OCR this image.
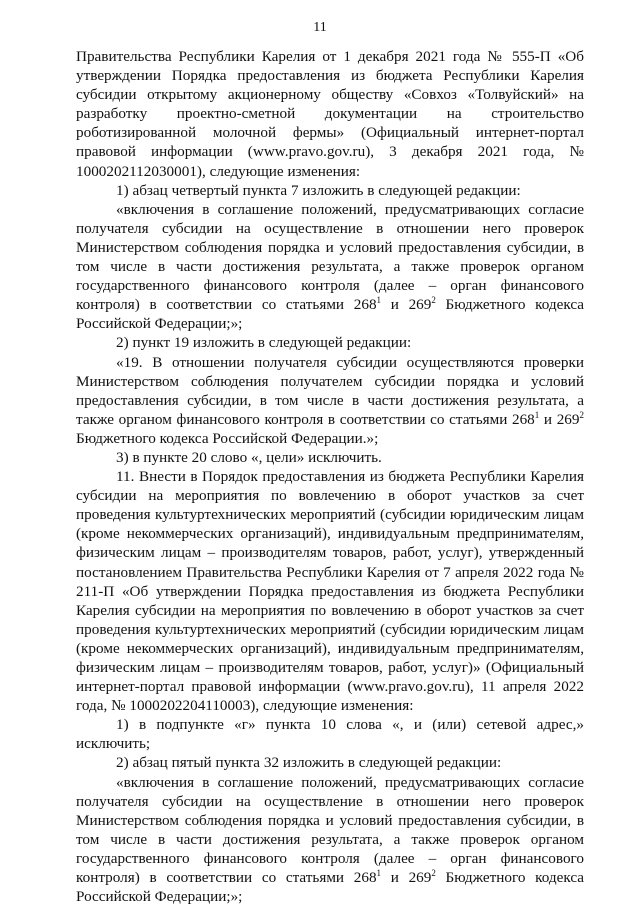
11

Правительства Республики Карелия от 1 декабря 2021 года № 555-П «Об утверждении Порядка предоставления из бюджета Республики Карелия субсидии открытому акционерному обществу «Совхоз «Толвуйский» на разработку проектно-сметной документации на строительство роботизированной молочной фермы» (Официальный интернет-портал правовой информации (www.pravo.gov.ru), 3 декабря 2021 года, № 1000202112030001), следующие изменения:

1) абзац четвертый пункта 7 изложить в следующей редакции:

«включения в соглашение положений, предусматривающих согласие получателя субсидии на осуществление в отношении него проверок Министерством соблюдения порядка и условий предоставления субсидии, в том числе в части достижения результата, а также проверок органом государственного финансового контроля (далее – орган финансового контроля) в соответствии со статьями $268^1$ и $269^2$ Бюджетного кодекса Российской Федерации;»;

2) пункт 19 изложить в следующей редакции:

«19. В отношении получателя субсидии осуществляются проверки Министерством соблюдения получателем субсидии порядка и условий предоставления субсидии, в том числе в части достижения результата, а также органом финансового контроля в соответствии со статьями $268^1$ и $269^2$ Бюджетного кодекса Российской Федерации.»;

3) в пункте 20 слово «, цели» исключить.

11. Внести в Порядок предоставления из бюджета Республики Карелия субсидии на мероприятия по вовлечению в оборот участков за счет проведения культуртехнических мероприятий (субсидии юридическим лицам (кроме некоммерческих организаций), индивидуальным предпринимателям, физическим лицам – производителям товаров, работ, услуг), утвержденный постановлением Правительства Республики Карелия от 7 апреля 2022 года № 211-П «Об утверждении Порядка предоставления из бюджета Республики Карелия субсидии на мероприятия по вовлечению в оборот участков за счет проведения культуртехнических мероприятий (субсидии юридическим лицам (кроме некоммерческих организаций), индивидуальным предпринимателям, физическим лицам – производителям товаров, работ, услуг)» (Официальный интернет-портал правовой информации (www.pravo.gov.ru), 11 апреля 2022 года, № 1000202204110003), следующие изменения:

1) в подпункте «г» пункта 10 слова «, и (или) сетевой адрес,» исключить;

2) абзац пятый пункта 32 изложить в следующей редакции:

«включения в соглашение положений, предусматривающих согласие получателя субсидии на осуществление в отношении него проверок Министерством соблюдения порядка и условий предоставления субсидии, в том числе в части достижения результата, а также проверок органом государственного финансового контроля (далее – орган финансового контроля) в соответствии со статьями $268^1$ и $269^2$ Бюджетного кодекса Российской Федерации;»;
